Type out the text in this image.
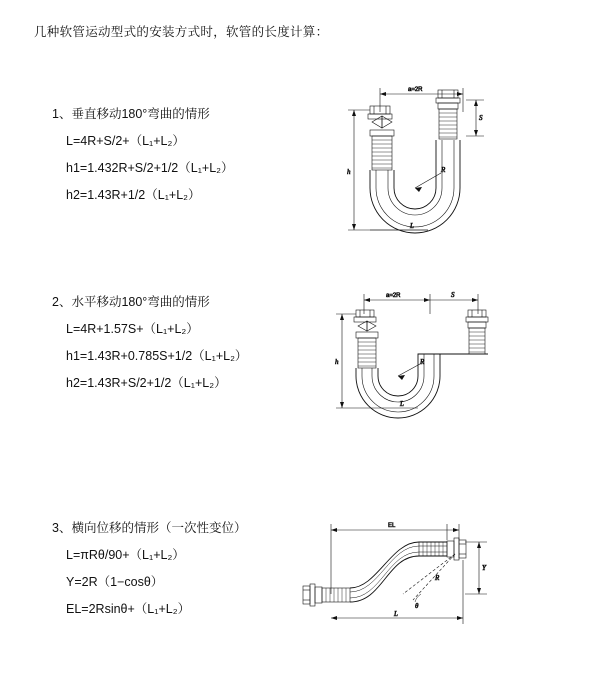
几种软管运动型式的安装方式时，软管的长度计算：
1、垂直移动180°弯曲的情形
L=4R+S/2+（L₁+L₂）
h1=1.432R+S/2+1/2（L₁+L₂）
h2=1.43R+1/2（L₁+L₂）
a=2R
S
h	R
L
2、水平移动180°弯曲的情形
L=4R+1.57S+（L₁+L₂）
h1=1.43R+0.785S+1/2（L₁+L₂）
h2=1.43R+S/2+1/2（L₁+L₂）
a=2R	S
h	R
L
3、横向位移的情形（一次性变位）
L=πRθ/90+（L₁+L₂）
Y=2R（1−cosθ）
EL=2Rsinθ+（L₁+L₂）
EL
Y
R
θ
L
